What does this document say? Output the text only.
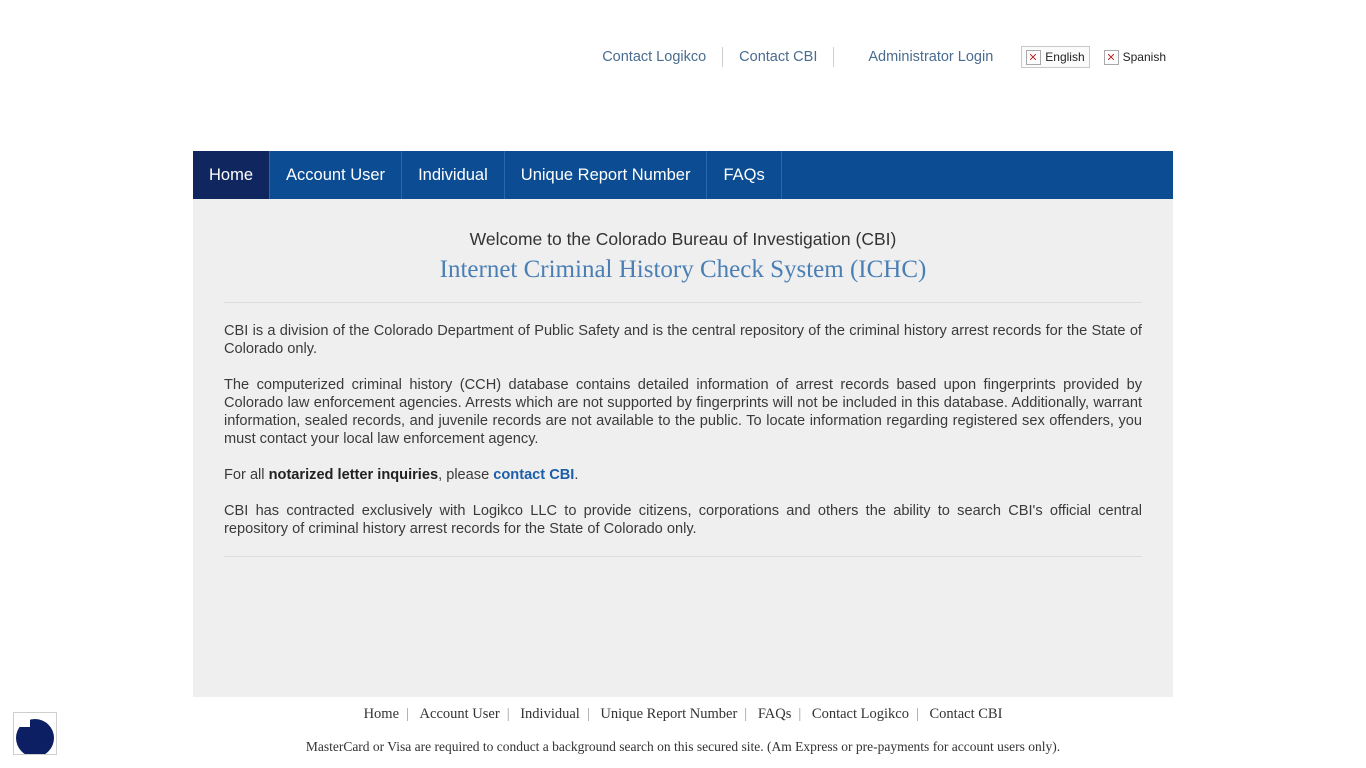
Contact Logikco	Contact CBI	Administrator Login	English	Spanish
Home	Account User	Individual	Unique Report Number	FAQs
Welcome to the Colorado Bureau of Investigation (CBI)
Internet Criminal History Check System (ICHC)

CBI is a division of the Colorado Department of Public Safety and is the central repository of the criminal history arrest records for the State of Colorado only.

The computerized criminal history (CCH) database contains detailed information of arrest records based upon fingerprints provided by Colorado law enforcement agencies. Arrests which are not supported by fingerprints will not be included in this database. Additionally, warrant information, sealed records, and juvenile records are not available to the public. To locate information regarding registered sex offenders, you must contact your local law enforcement agency.

For all notarized letter inquiries, please contact CBI.

CBI has contracted exclusively with Logikco LLC to provide citizens, corporations and others the ability to search CBI's official central repository of criminal history arrest records for the State of Colorado only.

Home | Account User | Individual | Unique Report Number | FAQs | Contact Logikco | Contact CBI
MasterCard or Visa are required to conduct a background search on this secured site. (Am Express or pre-payments for account users only).
